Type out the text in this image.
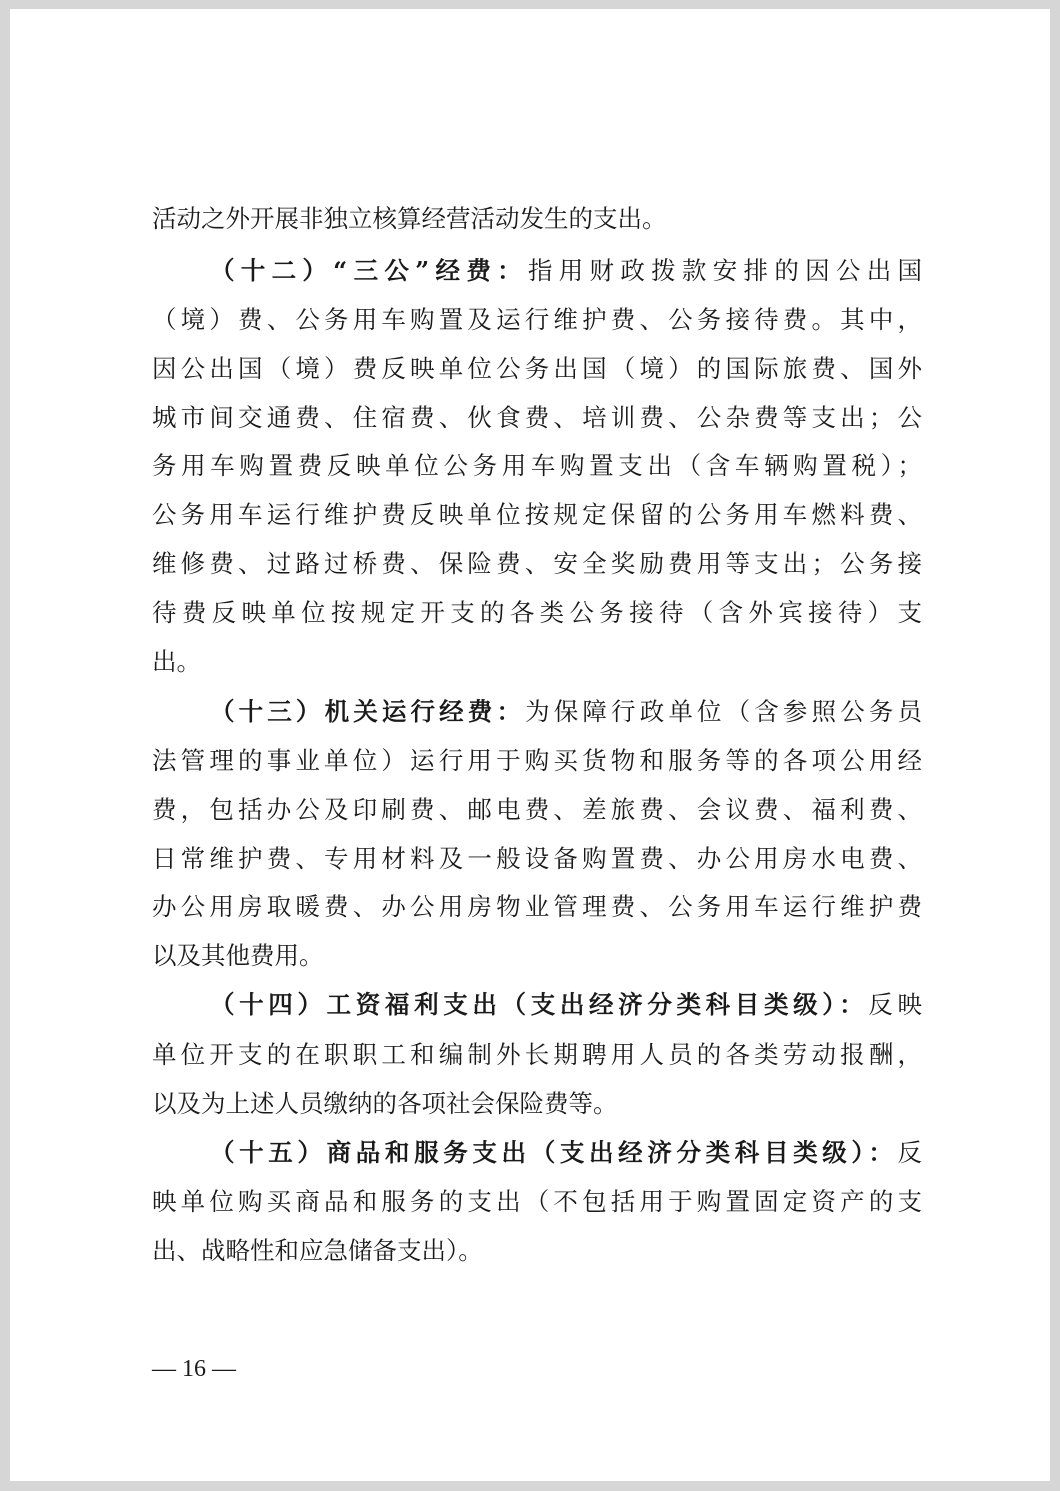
活动之外开展非独立核算经营活动发生的支出。
（十二）“三公”经费：指用财政拨款安排的因公出国
（境）费、公务用车购置及运行维护费、公务接待费。其中，
因公出国（境）费反映单位公务出国（境）的国际旅费、国外
城市间交通费、住宿费、伙食费、培训费、公杂费等支出；公
务用车购置费反映单位公务用车购置支出（含车辆购置税）；
公务用车运行维护费反映单位按规定保留的公务用车燃料费、
维修费、过路过桥费、保险费、安全奖励费用等支出；公务接
待费反映单位按规定开支的各类公务接待（含外宾接待）支
出。
（十三）机关运行经费：为保障行政单位（含参照公务员
法管理的事业单位）运行用于购买货物和服务等的各项公用经
费，包括办公及印刷费、邮电费、差旅费、会议费、福利费、
日常维护费、专用材料及一般设备购置费、办公用房水电费、
办公用房取暖费、办公用房物业管理费、公务用车运行维护费
以及其他费用。
（十四）工资福利支出（支出经济分类科目类级）：反映
单位开支的在职职工和编制外长期聘用人员的各类劳动报酬，
以及为上述人员缴纳的各项社会保险费等。
（十五）商品和服务支出（支出经济分类科目类级）：反
映单位购买商品和服务的支出（不包括用于购置固定资产的支
出、战略性和应急储备支出）。
— 16 —
